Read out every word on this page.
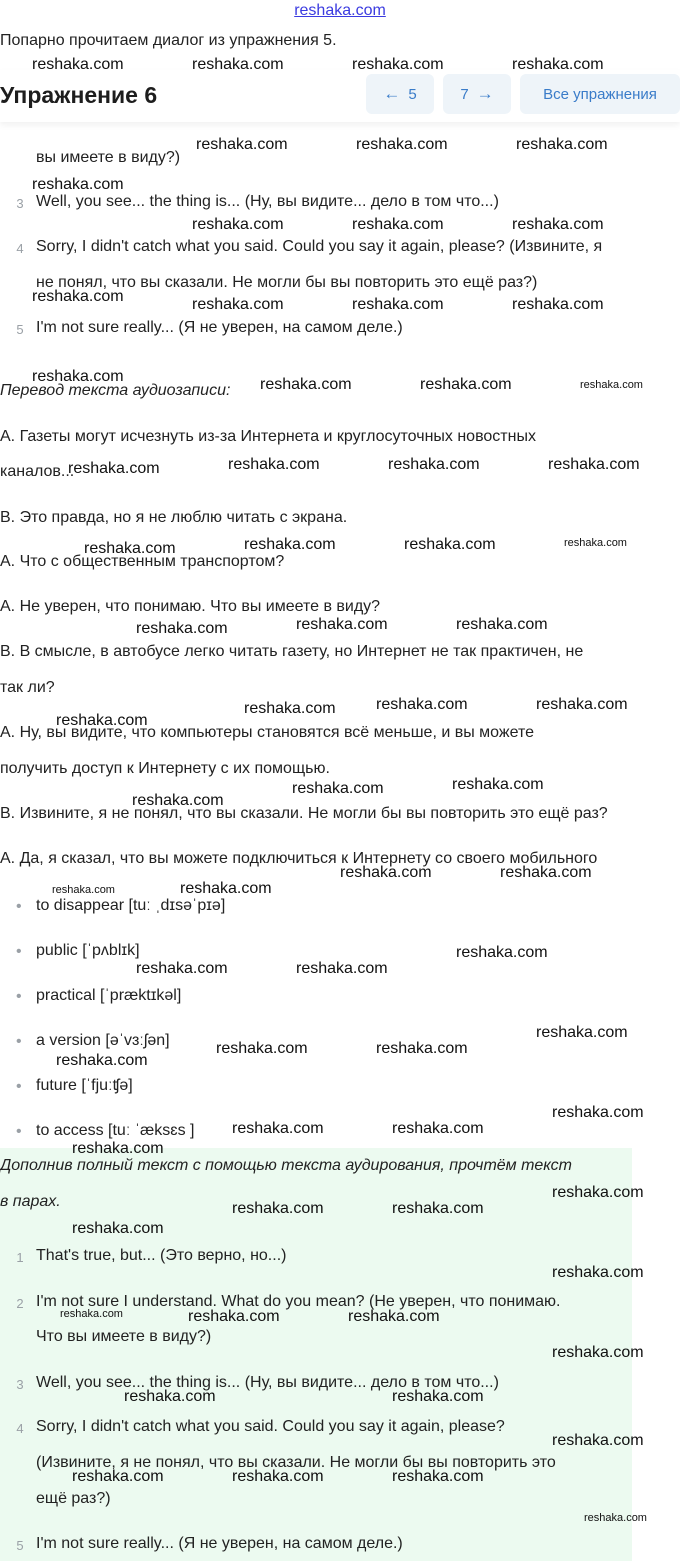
reshaka.com
Попарно прочитаем диалог из упражнения 5.
Упражнение 6	← 5	7 →	Все упражнения
вы имеете в виду?)
3 Well, you see... the thing is... (Ну, вы видите... дело в том что...)
4 Sorry, I didn't catch what you said. Could you say it again, please? (Извините, я
не понял, что вы сказали. Не могли бы вы повторить это ещё раз?)
5 I'm not sure really... (Я не уверен, на самом деле.)
Перевод текста аудиозаписи:
А. Газеты могут исчезнуть из-за Интернета и круглосуточных новостных
каналов...
В. Это правда, но я не люблю читать с экрана.
А. Что с общественным транспортом?
А. Не уверен, что понимаю. Что вы имеете в виду?
В. В смысле, в автобусе легко читать газету, но Интернет не так практичен, не
так ли?
А. Ну, вы видите, что компьютеры становятся всё меньше, и вы можете
получить доступ к Интернету с их помощью.
В. Извините, я не понял, что вы сказали. Не могли бы вы повторить это ещё раз?
А. Да, я сказал, что вы можете подключиться к Интернету со своего мобильного
• to disappear [tuː ˌdɪsəˈpɪə]
• public [ˈpʌblɪk]
• practical [ˈpræktɪkəl]
• a version [əˈvɜːʃən]
• future [ˈfjuːʧə]
• to access [tuː ˈæksɛs ]
Дополнив полный текст с помощью текста аудирования, прочтём текст
в парах.
1 That's true, but... (Это верно, но...)
2 I'm not sure I understand. What do you mean? (Не уверен, что понимаю.
Что вы имеете в виду?)
3 Well, you see... the thing is... (Ну, вы видите... дело в том что...)
4 Sorry, I didn't catch what you said. Could you say it again, please?
(Извините, я не понял, что вы сказали. Не могли бы вы повторить это
ещё раз?)
5 I'm not sure really... (Я не уверен, на самом деле.)
reshaka.com	reshaka.com	reshaka.com	reshaka.com
reshaka.com	reshaka.com	reshaka.com
reshaka.com
reshaka.com	reshaka.com	reshaka.com
reshaka.com	reshaka.com	reshaka.com	reshaka.com
reshaka.com	reshaka.com	reshaka.com	reshaka.com
reshaka.com	reshaka.com	reshaka.com	reshaka.com
reshaka.com	reshaka.com	reshaka.com	reshaka.com
reshaka.com	reshaka.com	reshaka.com
reshaka.com	reshaka.com	reshaka.com
reshaka.com
reshaka.com
reshaka.com
reshaka.com
reshaka.com	reshaka.com
reshaka.com
reshaka.com
reshaka.com
reshaka.com	reshaka.com
reshaka.com
reshaka.com	reshaka.com
reshaka.com
reshaka.com
reshaka.com	reshaka.com
reshaka.com
reshaka.com
reshaka.com	reshaka.com
reshaka.com
reshaka.com
reshaka.com	reshaka.com
reshaka.com
reshaka.com
reshaka.com	reshaka.com
reshaka.com
reshaka.com	reshaka.com	reshaka.com
reshaka.com
